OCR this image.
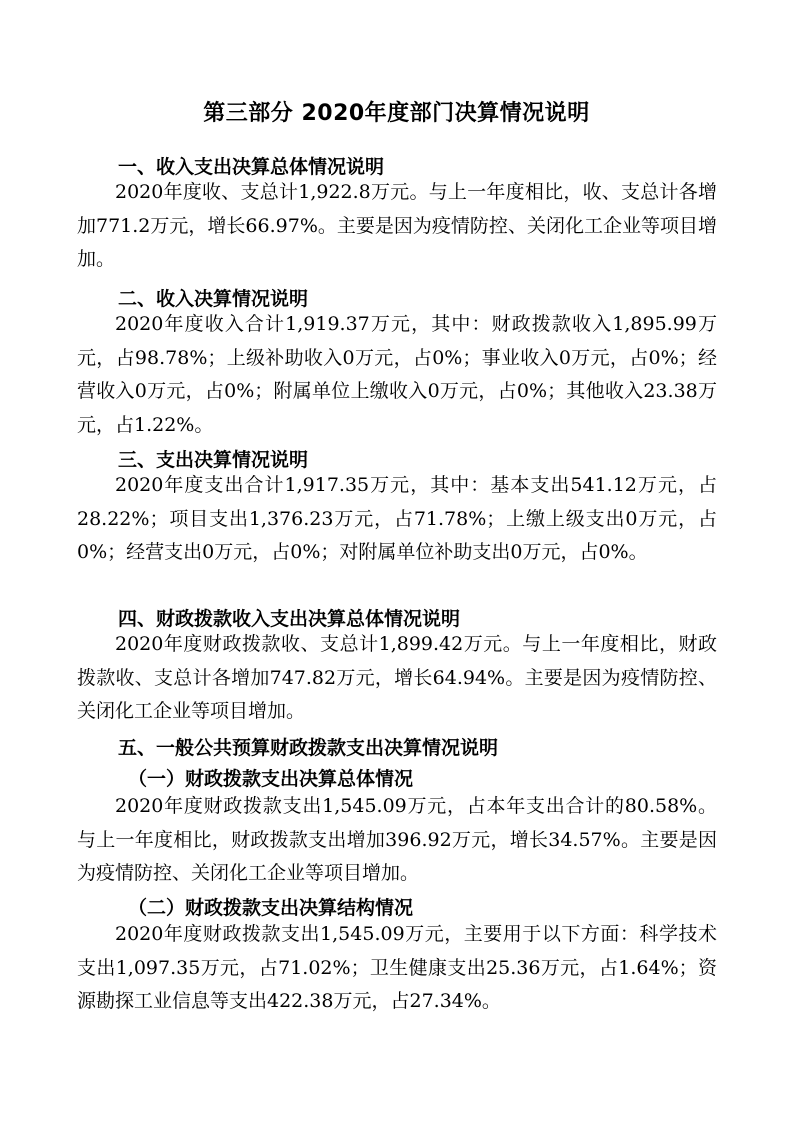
第三部分 2020年度部门决算情况说明
一、收入支出决算总体情况说明
2020年度收、支总计1,922.8万元。与上一年度相比，收、支总计各增加771.2万元，增长66.97%。主要是因为疫情防控、关闭化工企业等项目增加。
二、收入决算情况说明
2020年度收入合计1,919.37万元，其中：财政拨款收入1,895.99万元，占98.78%；上级补助收入0万元，占0%；事业收入0万元，占0%；经营收入0万元，占0%；附属单位上缴收入0万元，占0%；其他收入23.38万元，占1.22%。
三、支出决算情况说明
2020年度支出合计1,917.35万元，其中：基本支出541.12万元，占28.22%；项目支出1,376.23万元，占71.78%；上缴上级支出0万元，占0%；经营支出0万元，占0%；对附属单位补助支出0万元，占0%。
四、财政拨款收入支出决算总体情况说明
2020年度财政拨款收、支总计1,899.42万元。与上一年度相比，财政拨款收、支总计各增加747.82万元，增长64.94%。主要是因为疫情防控、关闭化工企业等项目增加。
五、一般公共预算财政拨款支出决算情况说明
（一）财政拨款支出决算总体情况
2020年度财政拨款支出1,545.09万元，占本年支出合计的80.58%。与上一年度相比，财政拨款支出增加396.92万元，增长34.57%。主要是因为疫情防控、关闭化工企业等项目增加。
（二）财政拨款支出决算结构情况
2020年度财政拨款支出1,545.09万元，主要用于以下方面：科学技术支出1,097.35万元，占71.02%；卫生健康支出25.36万元，占1.64%；资源勘探工业信息等支出422.38万元，占27.34%。
